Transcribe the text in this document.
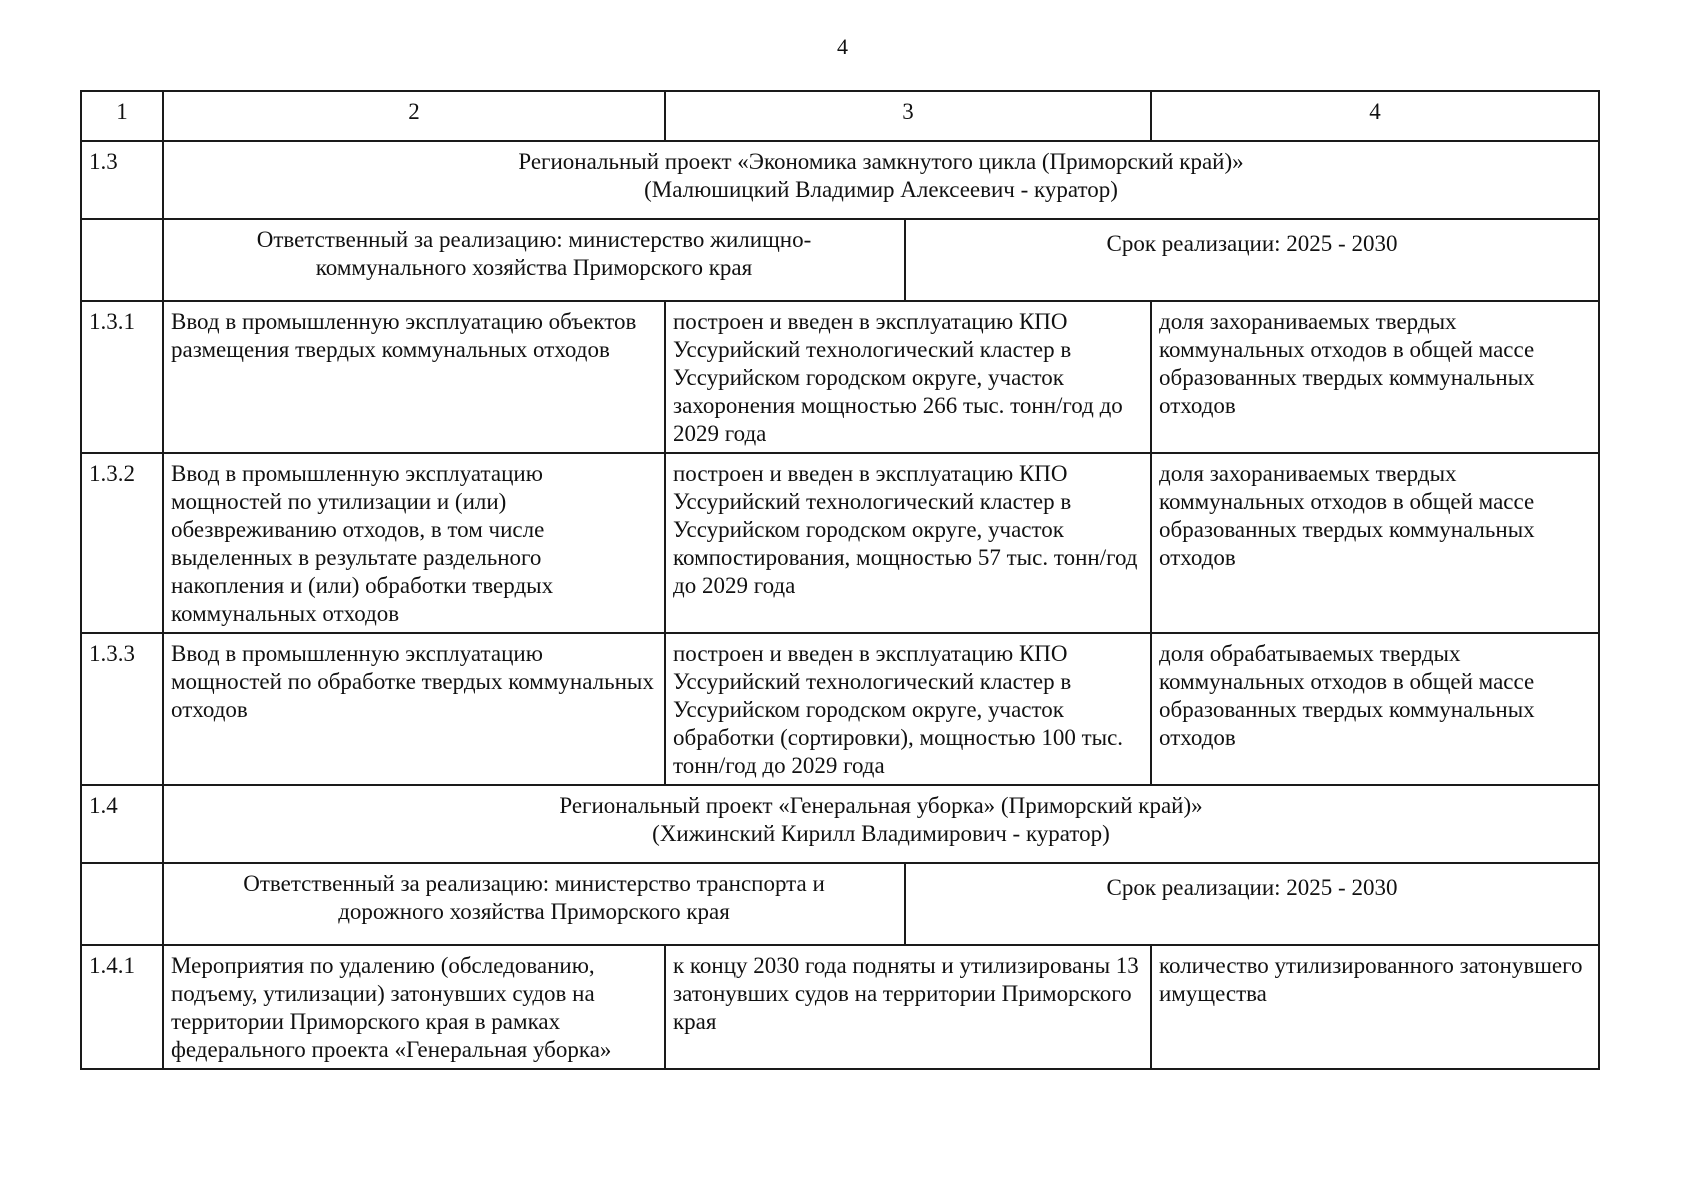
4
1	2	3		4
1.3	Региональный проект «Экономика замкнутого цикла (Приморский край)»
(Малюшицкий Владимир Алексеевич - куратор)			

	Ответственный за реализацию: министерство жилищно-коммунального хозяйства Приморского края		Срок реализации: 2025 - 2030	
1.3.1	Ввод в промышленную эксплуатацию объектов размещения твердых коммунальных отходов	построен и введен в эксплуатацию КПО Уссурийский технологический кластер в Уссурийском городском округе, участок захоронения мощностью 266 тыс. тонн/год до 2029 года		доля захораниваемых твердых коммунальных отходов в общей массе образованных твердых коммунальных отходов
1.3.2	Ввод в промышленную эксплуатацию мощностей по утилизации и (или) обезвреживанию отходов, в том числе выделенных в результате раздельного накопления и (или) обработки твердых коммунальных отходов	построен и введен в эксплуатацию КПО Уссурийский технологический кластер в Уссурийском городском округе, участок компостирования, мощностью 57 тыс. тонн/год до 2029 года		доля захораниваемых твердых коммунальных отходов в общей массе образованных твердых коммунальных отходов
1.3.3	Ввод в промышленную эксплуатацию мощностей по обработке твердых коммунальных отходов	построен и введен в эксплуатацию КПО Уссурийский технологический кластер в Уссурийском городском округе, участок обработки (сортировки), мощностью 100 тыс. тонн/год до 2029 года		доля обрабатываемых твердых коммунальных отходов в общей массе образованных твердых коммунальных отходов
1.4	Региональный проект «Генеральная уборка» (Приморский край)»
(Хижинский Кирилл Владимирович - куратор)			

	Ответственный за реализацию: министерство транспорта и дорожного хозяйства Приморского края		Срок реализации: 2025 - 2030	
1.4.1	Мероприятия по удалению (обследованию, подъему, утилизации) затонувших судов на территории Приморского края в рамках федерального проекта «Генеральная уборка»	к концу 2030 года подняты и утилизированы 13 затонувших судов на территории Приморского края		количество утилизированного затонувшего имущества
